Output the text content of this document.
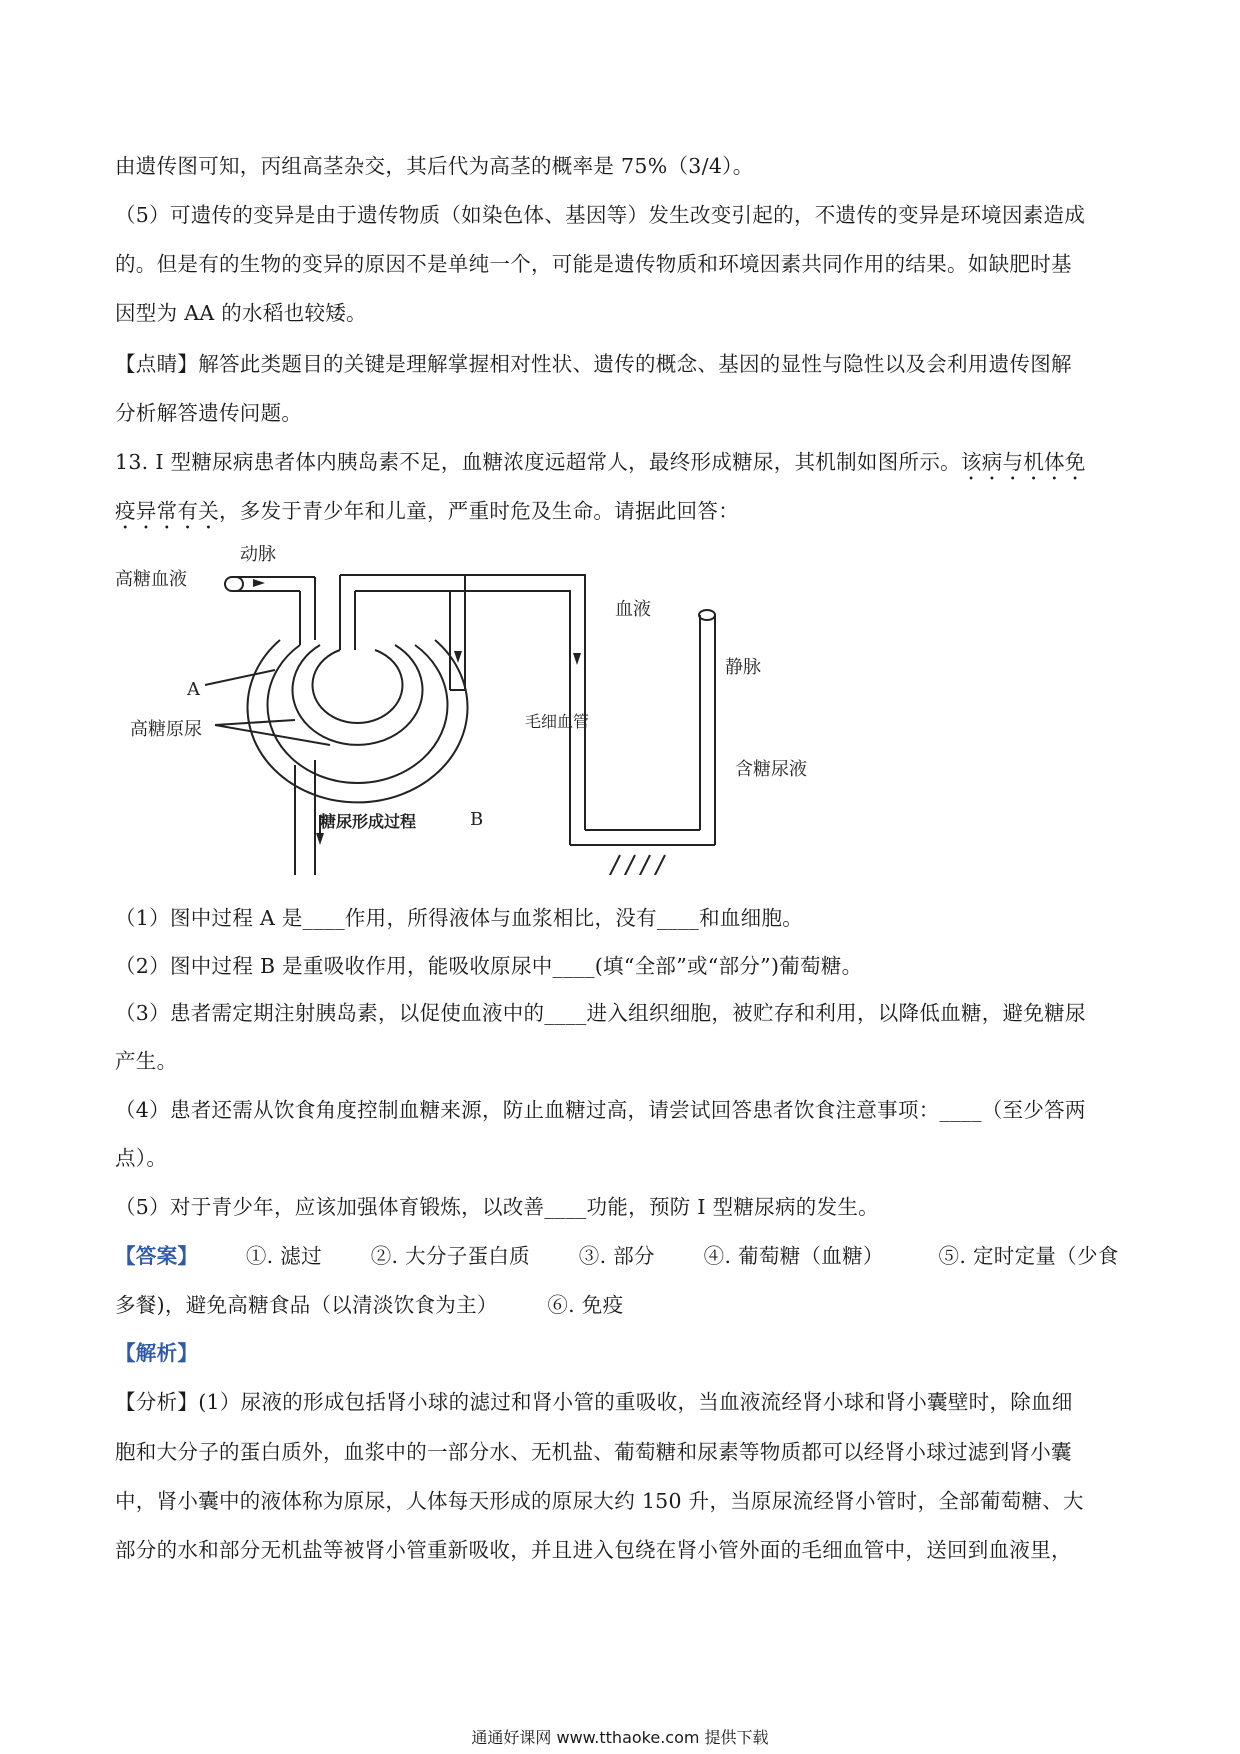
由遗传图可知，丙组高茎杂交，其后代为高茎的概率是 75%（3/4）。
（5）可遗传的变异是由于遗传物质（如染色体、基因等）发生改变引起的，不遗传的变异是环境因素造成
的。但是有的生物的变异的原因不是单纯一个，可能是遗传物质和环境因素共同作用的结果。如缺肥时基
因型为 AA 的水稻也较矮。
【点睛】解答此类题目的关键是理解掌握相对性状、遗传的概念、基因的显性与隐性以及会利用遗传图解
分析解答遗传问题。
13. I 型糖尿病患者体内胰岛素不足，血糖浓度远超常人，最终形成糖尿，其机制如图所示。该病与机体免
疫异常有关，多发于青少年和儿童，严重时危及生命。请据此回答：
高糖血液
动脉
血液
静脉
A
高糖原尿	毛细血管
含糖尿液
B
糖尿形成过程
（1）图中过程 A 是____作用，所得液体与血浆相比，没有____和血细胞。
（2）图中过程 B 是重吸收作用，能吸收原尿中____(填“全部”或“部分”)葡萄糖。
（3）患者需定期注射胰岛素，以促使血液中的____进入组织细胞，被贮存和利用，以降低血糖，避免糖尿
产生。
（4）患者还需从饮食角度控制血糖来源，防止血糖过高，请尝试回答患者饮食注意事项：____（至少答两
点）。
（5）对于青少年，应该加强体育锻炼，以改善____功能，预防 I 型糖尿病的发生。
【答案】 ①. 滤过 ②. 大分子蛋白质 ③. 部分 ④. 葡萄糖（血糖）	⑤. 定时定量（少食
多餐)，避免高糖食品（以清淡饮食为主） ⑥. 免疫
【解析】
【分析】(1）尿液的形成包括肾小球的滤过和肾小管的重吸收，当血液流经肾小球和肾小囊壁时，除血细
胞和大分子的蛋白质外，血浆中的一部分水、无机盐、葡萄糖和尿素等物质都可以经肾小球过滤到肾小囊
中，肾小囊中的液体称为原尿，人体每天形成的原尿大约 150 升，当原尿流经肾小管时，全部葡萄糖、大
部分的水和部分无机盐等被肾小管重新吸收，并且进入包绕在肾小管外面的毛细血管中，送回到血液里，
通通好课网 www.tthaoke.com 提供下载
